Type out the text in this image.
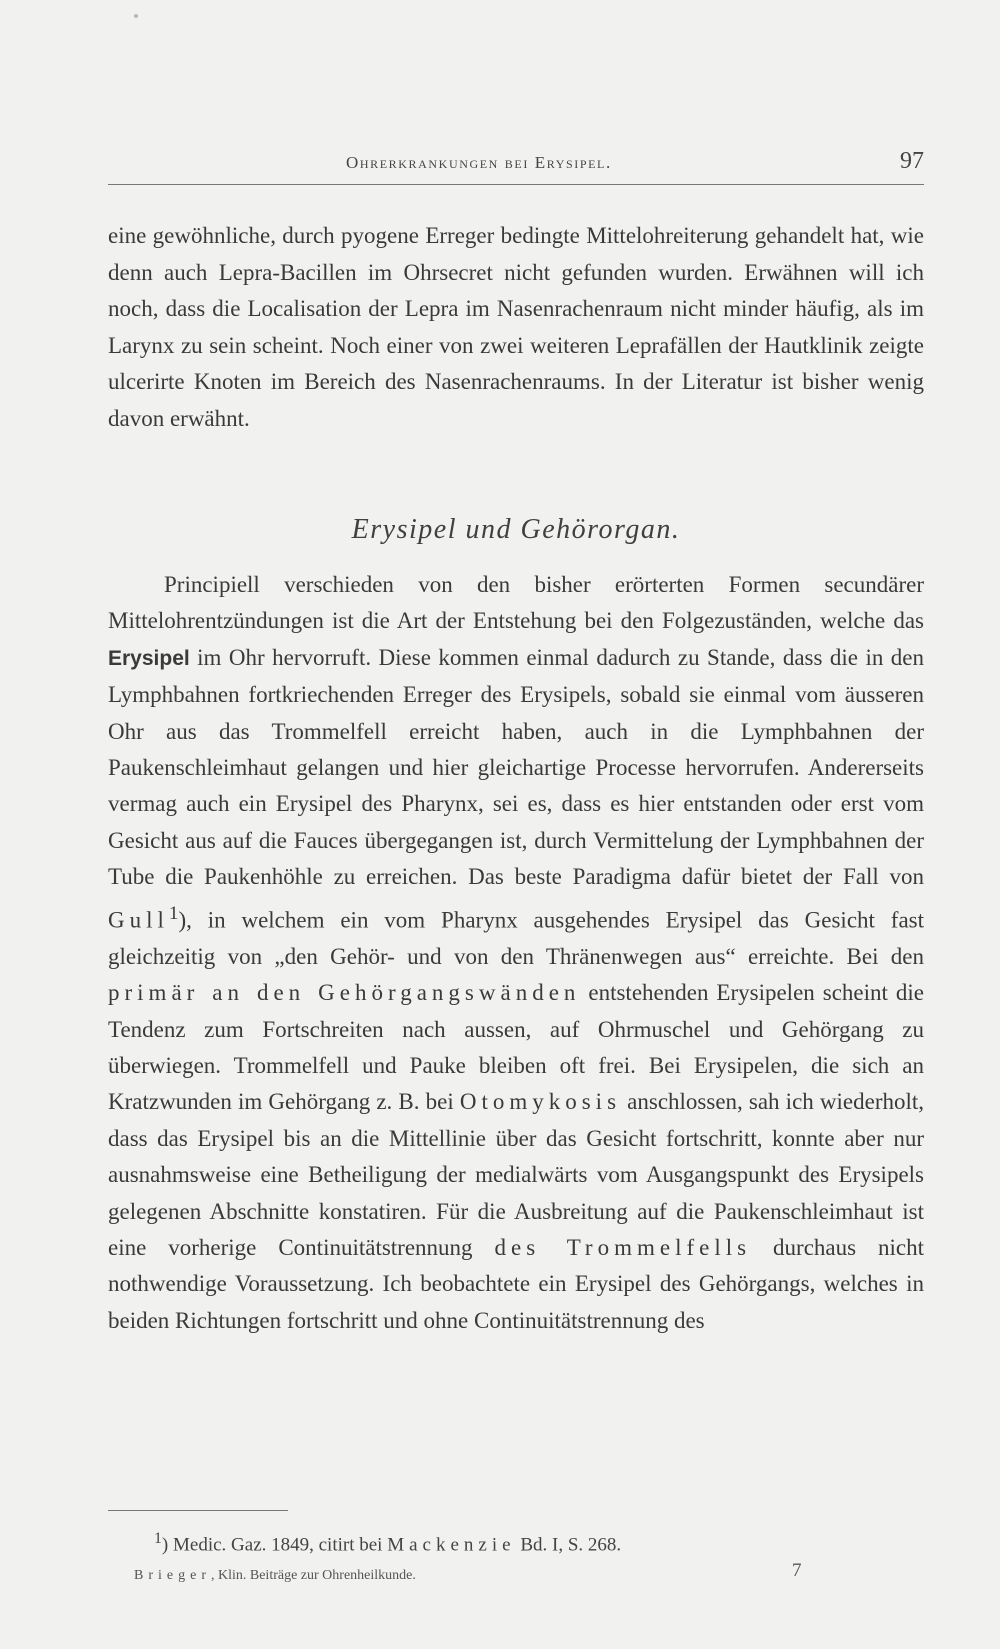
Ohrerkrankungen bei Erysipel.	97

eine gewöhnliche, durch pyogene Erreger bedingte Mittelohreiterung gehandelt hat, wie denn auch Lepra-Bacillen im Ohrsecret nicht gefunden wurden. Erwähnen will ich noch, dass die Localisation der Lepra im Nasenrachenraum nicht minder häufig, als im Larynx zu sein scheint. Noch einer von zwei weiteren Leprafällen der Hautklinik zeigte ulcerirte Knoten im Bereich des Nasenrachenraums. In der Literatur ist bisher wenig davon erwähnt.

Erysipel und Gehörorgan.

Principiell verschieden von den bisher erörterten Formen secundärer Mittelohrentzündungen ist die Art der Entstehung bei den Folgezuständen, welche das Erysipel im Ohr hervorruft. Diese kommen einmal dadurch zu Stande, dass die in den Lymphbahnen fortkriechenden Erreger des Erysipels, sobald sie einmal vom äusseren Ohr aus das Trommelfell erreicht haben, auch in die Lymphbahnen der Paukenschleimhaut gelangen und hier gleichartige Processe hervorrufen. Andererseits vermag auch ein Erysipel des Pharynx, sei es, dass es hier entstanden oder erst vom Gesicht aus auf die Fauces übergegangen ist, durch Vermittelung der Lymphbahnen der Tube die Paukenhöhle zu erreichen. Das beste Paradigma dafür bietet der Fall von Gull$^1$), in welchem ein vom Pharynx ausgehendes Erysipel das Gesicht fast gleichzeitig von „den Gehör- und von den Thränenwegen aus“ erreichte. Bei den primär an den Gehörgangswänden entstehenden Erysipelen scheint die Tendenz zum Fortschreiten nach aussen, auf Ohrmuschel und Gehörgang zu überwiegen. Trommelfell und Pauke bleiben oft frei. Bei Erysipelen, die sich an Kratzwunden im Gehörgang z. B. bei Otomykosis anschlossen, sah ich wiederholt, dass das Erysipel bis an die Mittellinie über das Gesicht fortschritt, konnte aber nur ausnahmsweise eine Betheiligung der medialwärts vom Ausgangspunkt des Erysipels gelegenen Abschnitte konstatiren. Für die Ausbreitung auf die Paukenschleimhaut ist eine vorherige Continuitätstrennung des Trommelfells durchaus nicht nothwendige Voraussetzung. Ich beobachtete ein Erysipel des Gehörgangs, welches in beiden Richtungen fortschritt und ohne Continuitätstrennung des

$^1$) Medic. Gaz. 1849, citirt bei Mackenzie Bd. I, S. 268.
Brieger, Klin. Beiträge zur Ohrenheilkunde.	7
